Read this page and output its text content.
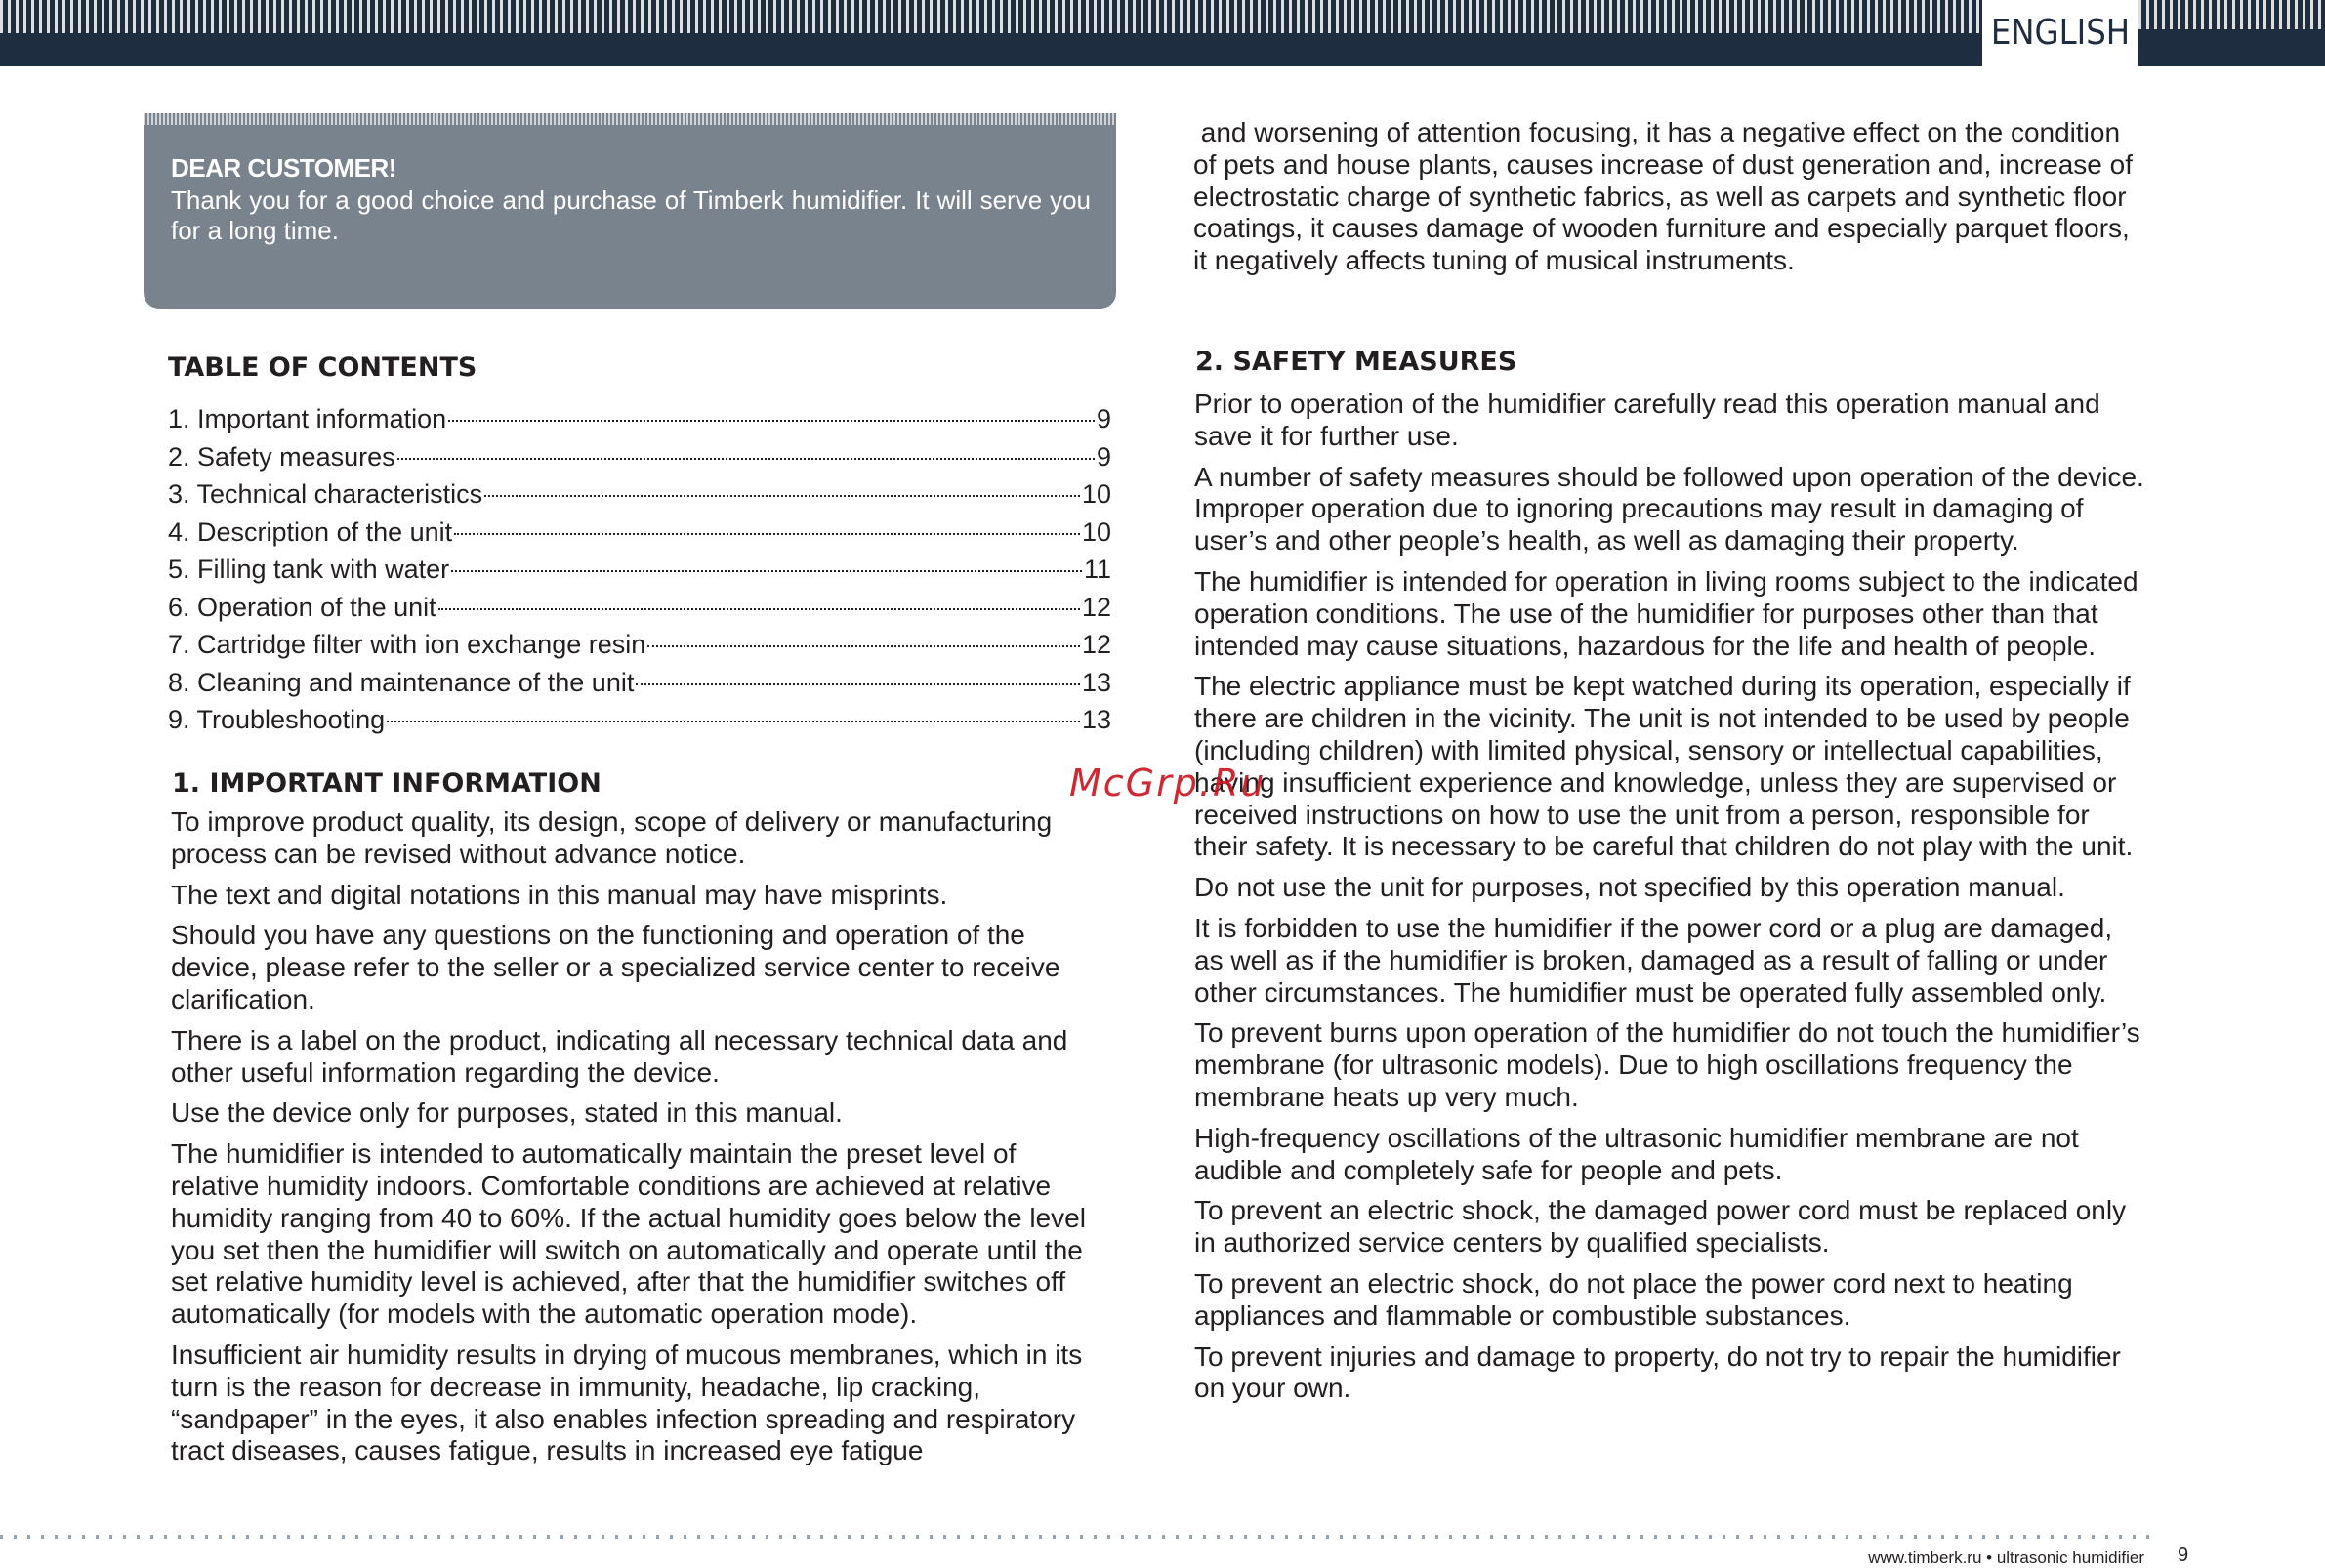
ENGLISH
DEAR CUSTOMER!

Thank you for a good choice and purchase of Timberk humidifier. It will serve you for a long time.

TABLE OF CONTENTS
1. Important information	9
2. Safety measures	9
3. Technical characteristics	10
4. Description of the unit	10
5. Filling tank with water	11
6. Operation of the unit	12
7. Cartridge filter with ion exchange resin	12
8. Cleaning and maintenance of the unit	13
9. Troubleshooting	13
1. IMPORTANT INFORMATION

To improve product quality, its design, scope of delivery or manufacturing process can be revised without advance notice.

The text and digital notations in this manual may have misprints.

Should you have any questions on the functioning and operation of the device, please refer to the seller or a specialized service center to receive clarification.

There is a label on the product, indicating all necessary technical data and other useful information regarding the device.

Use the device only for purposes, stated in this manual.

The humidifier is intended to automatically maintain the preset level of relative humidity indoors. Comfortable conditions are achieved at relative humidity ranging from 40 to 60%. If the actual humidity goes below the level you set then the humidifier will switch on automatically and operate until the set relative humidity level is achieved, after that the humidifier switches off automatically (for models with the automatic operation mode).

Insufficient air humidity results in drying of mucous membranes, which in its turn is the reason for decrease in immunity, headache, lip cracking, “sandpaper” in the eyes, it also enables infection spreading and respiratory tract diseases, causes fatigue, results in increased eye fatigue

and worsening of attention focusing, it has a negative effect on the condition of pets and house plants, causes increase of dust generation and, increase of electrostatic charge of synthetic fabrics, as well as carpets and synthetic floor coatings, it causes damage of wooden furniture and especially parquet floors, it negatively affects tuning of musical instruments.

2. SAFETY MEASURES

Prior to operation of the humidifier carefully read this operation manual and save it for further use.

A number of safety measures should be followed upon operation of the device. Improper operation due to ignoring precautions may result in damaging of user’s and other people’s health, as well as damaging their property.

The humidifier is intended for operation in living rooms subject to the indicated operation conditions. The use of the humidifier for purposes other than that intended may cause situations, hazardous for the life and health of people.

The electric appliance must be kept watched during its operation, especially if there are children in the vicinity. The unit is not intended to be used by people (including children) with limited physical, sensory or intellectual capabilities, having insufficient experience and knowledge, unless they are supervised or received instructions on how to use the unit from a person, responsible for their safety. It is necessary to be careful that children do not play with the unit.

Do not use the unit for purposes, not specified by this operation manual.

It is forbidden to use the humidifier if the power cord or a plug are damaged, as well as if the humidifier is broken, damaged as a result of falling or under other circumstances. The humidifier must be operated fully assembled only.

To prevent burns upon operation of the humidifier do not touch the humidifier’s membrane (for ultrasonic models). Due to high oscillations frequency the membrane heats up very much.

High-frequency oscillations of the ultrasonic humidifier membrane are not audible and completely safe for people and pets.

To prevent an electric shock, the damaged power cord must be replaced only in authorized service centers by qualified specialists.

To prevent an electric shock, do not place the power cord next to heating appliances and flammable or combustible substances.

To prevent injuries and damage to property, do not try to repair the humidifier on your own.

McGrp.Ru
www.timberk.ru • ultrasonic humidifier 9
